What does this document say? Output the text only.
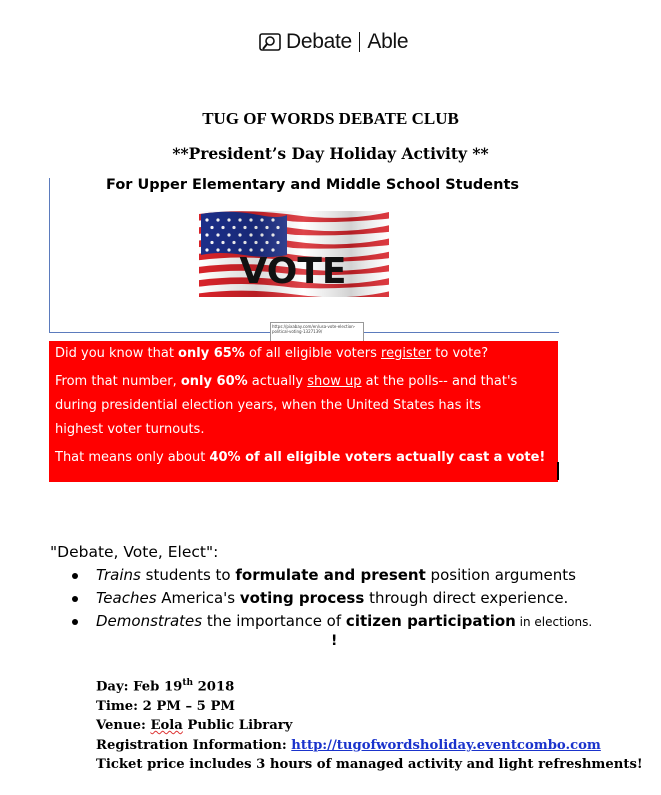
Debate Able
TUG OF WORDS DEBATE CLUB
**President’s Day Holiday Activity **
For Upper Elementary and Middle School Students
VOTE
https://pixabay.com/en/usa-vote-election-political-voting-1327139/

Did you know that only 65% of all eligible voters register to vote?

From that number, only 60% actually show up at the polls-- and that's
during presidential election years, when the United States has its
highest voter turnouts.

That means only about 40% of all eligible voters actually cast a vote!

"Debate, Vote, Elect":
Trains students to formulate and present position arguments
Teaches America's voting process through direct experience.
Demonstrates the importance of citizen participation in elections.
!
Day: Feb 19th 2018
Time: 2 PM – 5 PM
Venue: Eola Public Library
Registration Information: http://tugofwordsholiday.eventcombo.com
Ticket price includes 3 hours of managed activity and light refreshments!
